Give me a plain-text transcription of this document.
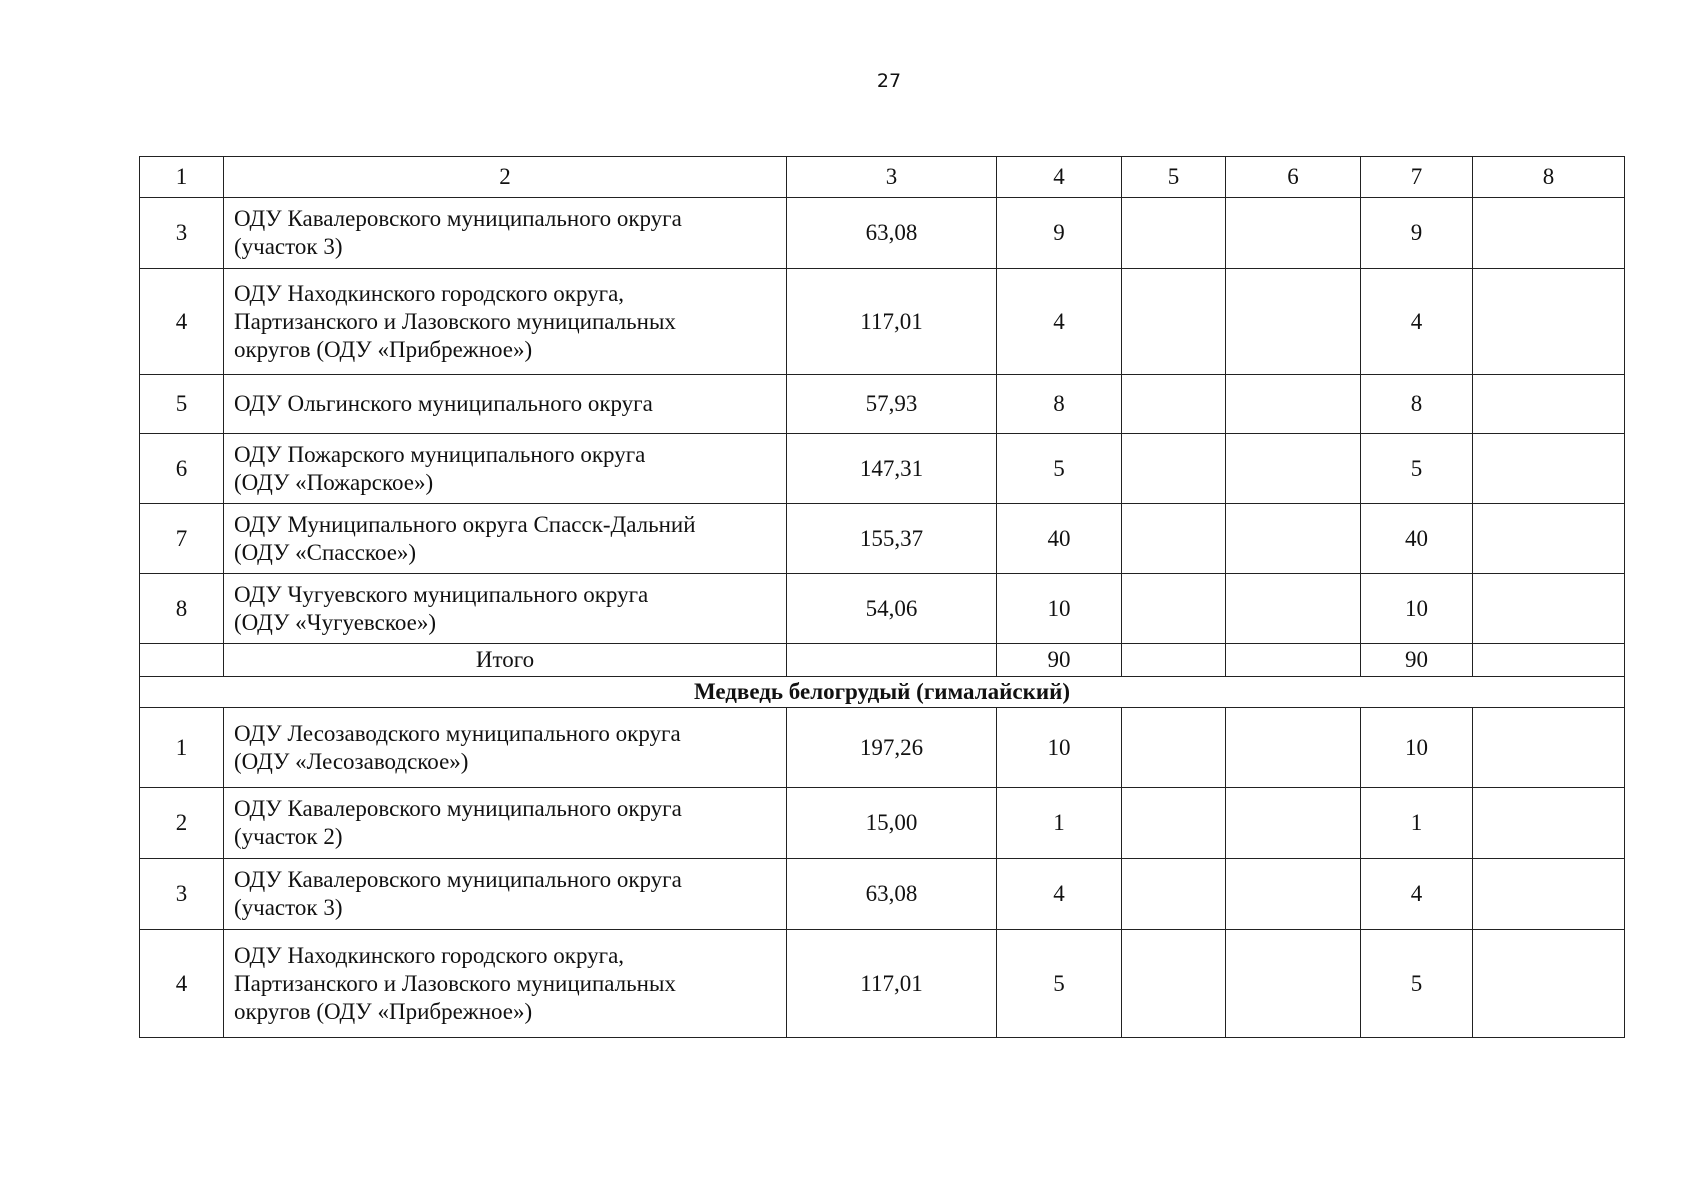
27
1	2	3	4	5	6	7	8
3	ОДУ Кавалеровского муниципального округа
(участок 3)	63,08	9			9	
4	ОДУ Находкинского городского округа,
Партизанского и Лазовского муниципальных
округов (ОДУ «Прибрежное»)	117,01	4			4	
5	ОДУ Ольгинского муниципального округа	57,93	8			8	
6	ОДУ Пожарского муниципального округа
(ОДУ «Пожарское»)	147,31	5			5	
7	ОДУ Муниципального округа Спасск-Дальний
(ОДУ «Спасское»)	155,37	40			40	
8	ОДУ Чугуевского муниципального округа
(ОДУ «Чугуевское»)	54,06	10			10	
	Итого		90			90	
Медведь белогрудый (гималайский)							
1	ОДУ Лесозаводского муниципального округа
(ОДУ «Лесозаводское»)	197,26	10			10	
2	ОДУ Кавалеровского муниципального округа
(участок 2)	15,00	1			1	
3	ОДУ Кавалеровского муниципального округа
(участок 3)	63,08	4			4	
4	ОДУ Находкинского городского округа,
Партизанского и Лазовского муниципальных
округов (ОДУ «Прибрежное»)	117,01	5			5	
